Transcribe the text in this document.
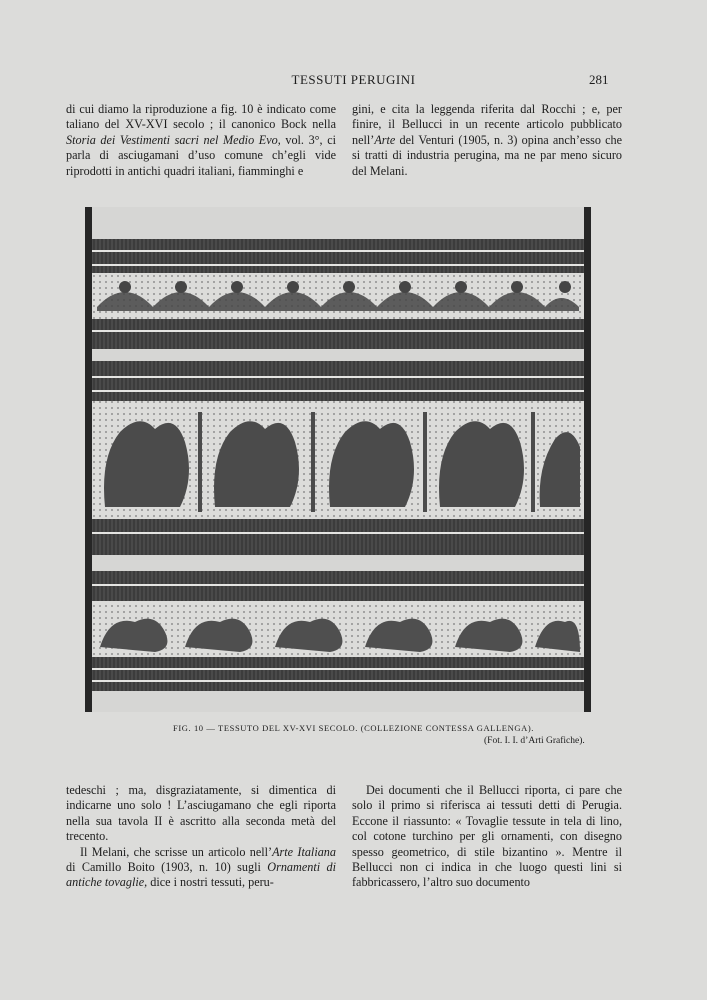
TESSUTI PERUGINI	281

di cui diamo la riproduzione a fig. 10 è indicato come taliano del XV-XVI secolo ; il canonico Bock nella Storia dei Vestimenti sacri nel Medio Evo, vol. 3°, ci parla di asciugamani d’uso comune ch’egli vide riprodotti in antichi quadri italiani, fiamminghi e

gini, e cita la leggenda riferita dal Rocchi ; e, per finire, il Bellucci in un recente articolo pubblicato nell’Arte del Venturi (1905, n. 3) opina anch’esso che si tratti di industria perugina, ma ne par meno sicuro del Melani.

FIG. 10 — TESSUTO DEL XV-XVI SECOLO. (COLLEZIONE CONTESSA GALLENGA).
(Fot. I. I. d’Arti Grafiche).

tedeschi ; ma, disgraziatamente, si dimentica di indicarne uno solo ! L’asciugamano che egli riporta nella sua tavola II è ascritto alla seconda metà del trecento.

Il Melani, che scrisse un articolo nell’Arte Italiana di Camillo Boito (1903, n. 10) sugli Ornamenti di antiche tovaglie, dice i nostri tessuti, peru-

Dei documenti che il Bellucci riporta, ci pare che solo il primo si riferisca ai tessuti detti di Perugia. Eccone il riassunto: « Tovaglie tessute in tela di lino, col cotone turchino per gli ornamenti, con disegno spesso geometrico, di stile bizantino ». Mentre il Bellucci non ci indica in che luogo questi lini si fabbricassero, l’altro suo documento
